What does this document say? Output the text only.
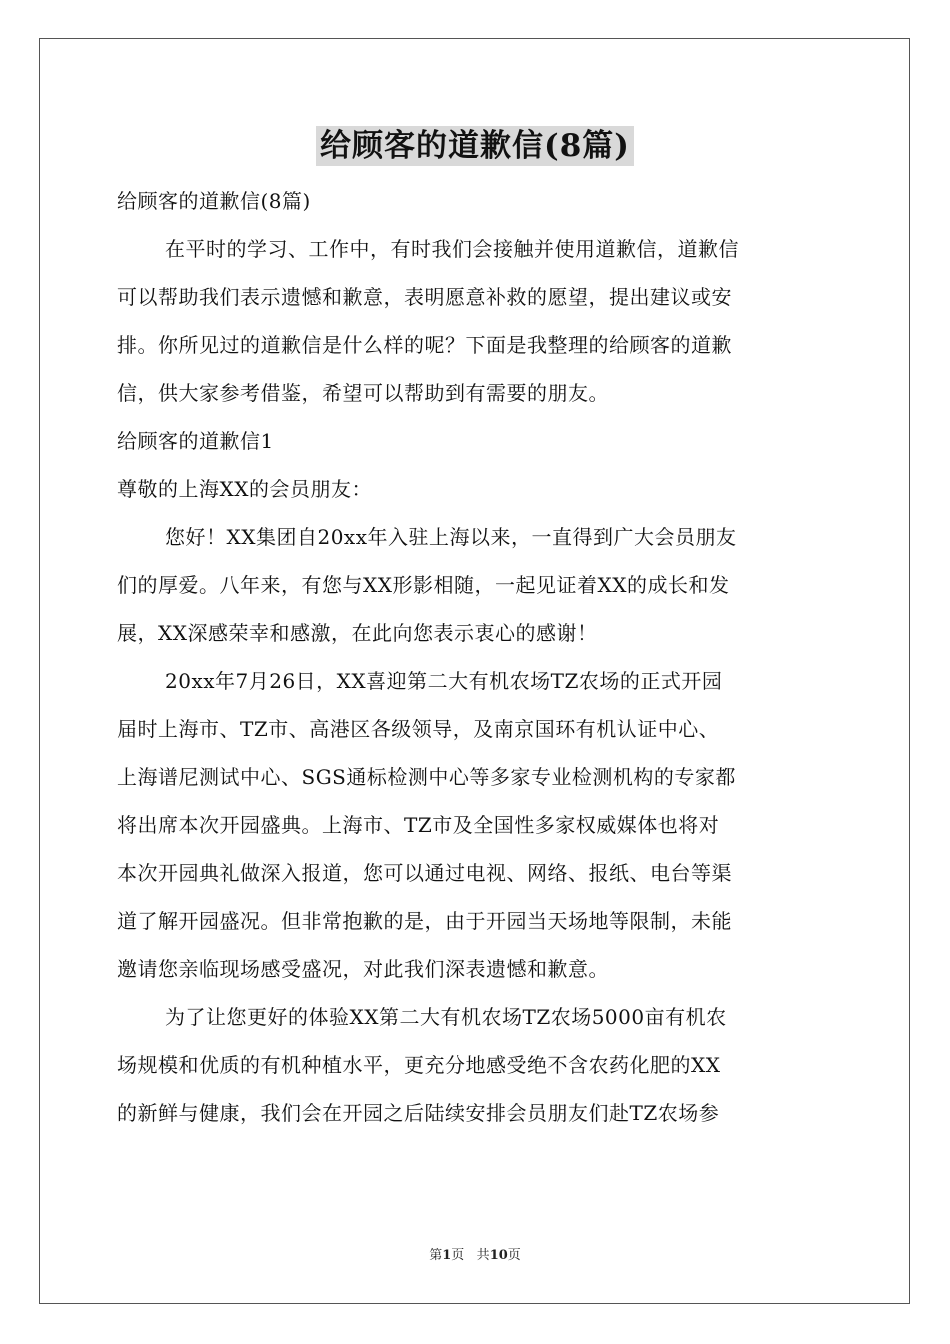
给顾客的道歉信(8篇)

给顾客的道歉信(8篇)

在平时的学习、工作中，有时我们会接触并使用道歉信，道歉信

可以帮助我们表示遗憾和歉意，表明愿意补救的愿望，提出建议或安

排。你所见过的道歉信是什么样的呢？下面是我整理的给顾客的道歉

信，供大家参考借鉴，希望可以帮助到有需要的朋友。

给顾客的道歉信1

尊敬的上海XX的会员朋友：

您好！XX集团自20xx年入驻上海以来，一直得到广大会员朋友

们的厚爱。八年来，有您与XX形影相随，一起见证着XX的成长和发

展，XX深感荣幸和感激，在此向您表示衷心的感谢！

20xx年7月26日，XX喜迎第二大有机农场TZ农场的正式开园

届时上海市、TZ市、高港区各级领导，及南京国环有机认证中心、

上海谱尼测试中心、SGS通标检测中心等多家专业检测机构的专家都

将出席本次开园盛典。上海市、TZ市及全国性多家权威媒体也将对

本次开园典礼做深入报道，您可以通过电视、网络、报纸、电台等渠

道了解开园盛况。但非常抱歉的是，由于开园当天场地等限制，未能

邀请您亲临现场感受盛况，对此我们深表遗憾和歉意。

为了让您更好的体验XX第二大有机农场TZ农场5000亩有机农

场规模和优质的有机种植水平，更充分地感受绝不含农药化肥的XX

的新鲜与健康，我们会在开园之后陆续安排会员朋友们赴TZ农场参

第1页 共10页
